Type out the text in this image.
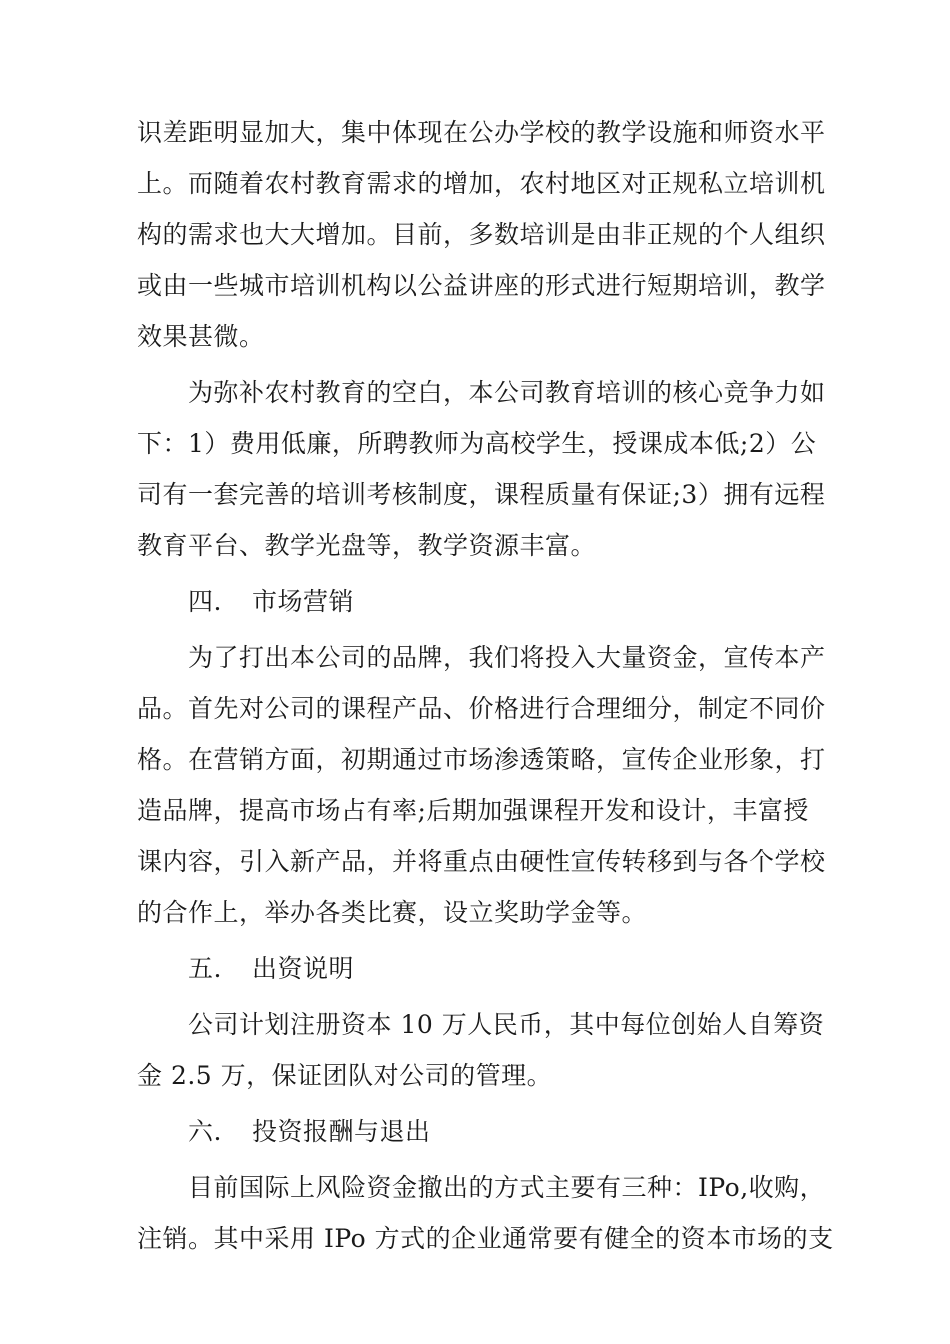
识差距明显加大，集中体现在公办学校的教学设施和师资水平
上。而随着农村教育需求的增加，农村地区对正规私立培训机
构的需求也大大增加。目前，多数培训是由非正规的个人组织
或由一些城市培训机构以公益讲座的形式进行短期培训，教学
效果甚微。
为弥补农村教育的空白，本公司教育培训的核心竞争力如
下：1）费用低廉，所聘教师为高校学生，授课成本低;2）公
司有一套完善的培训考核制度，课程质量有保证;3）拥有远程
教育平台、教学光盘等，教学资源丰富。
四. 市场营销
为了打出本公司的品牌，我们将投入大量资金，宣传本产
品。首先对公司的课程产品、价格进行合理细分，制定不同价
格。在营销方面，初期通过市场渗透策略，宣传企业形象，打
造品牌，提高市场占有率;后期加强课程开发和设计，丰富授
课内容，引入新产品，并将重点由硬性宣传转移到与各个学校
的合作上，举办各类比赛，设立奖助学金等。
五. 出资说明
公司计划注册资本 10 万人民币，其中每位创始人自筹资
金 2.5 万，保证团队对公司的管理。
六. 投资报酬与退出
目前国际上风险资金撤出的方式主要有三种：IPo,收购，
注销。其中采用 IPo 方式的企业通常要有健全的资本市场的支
